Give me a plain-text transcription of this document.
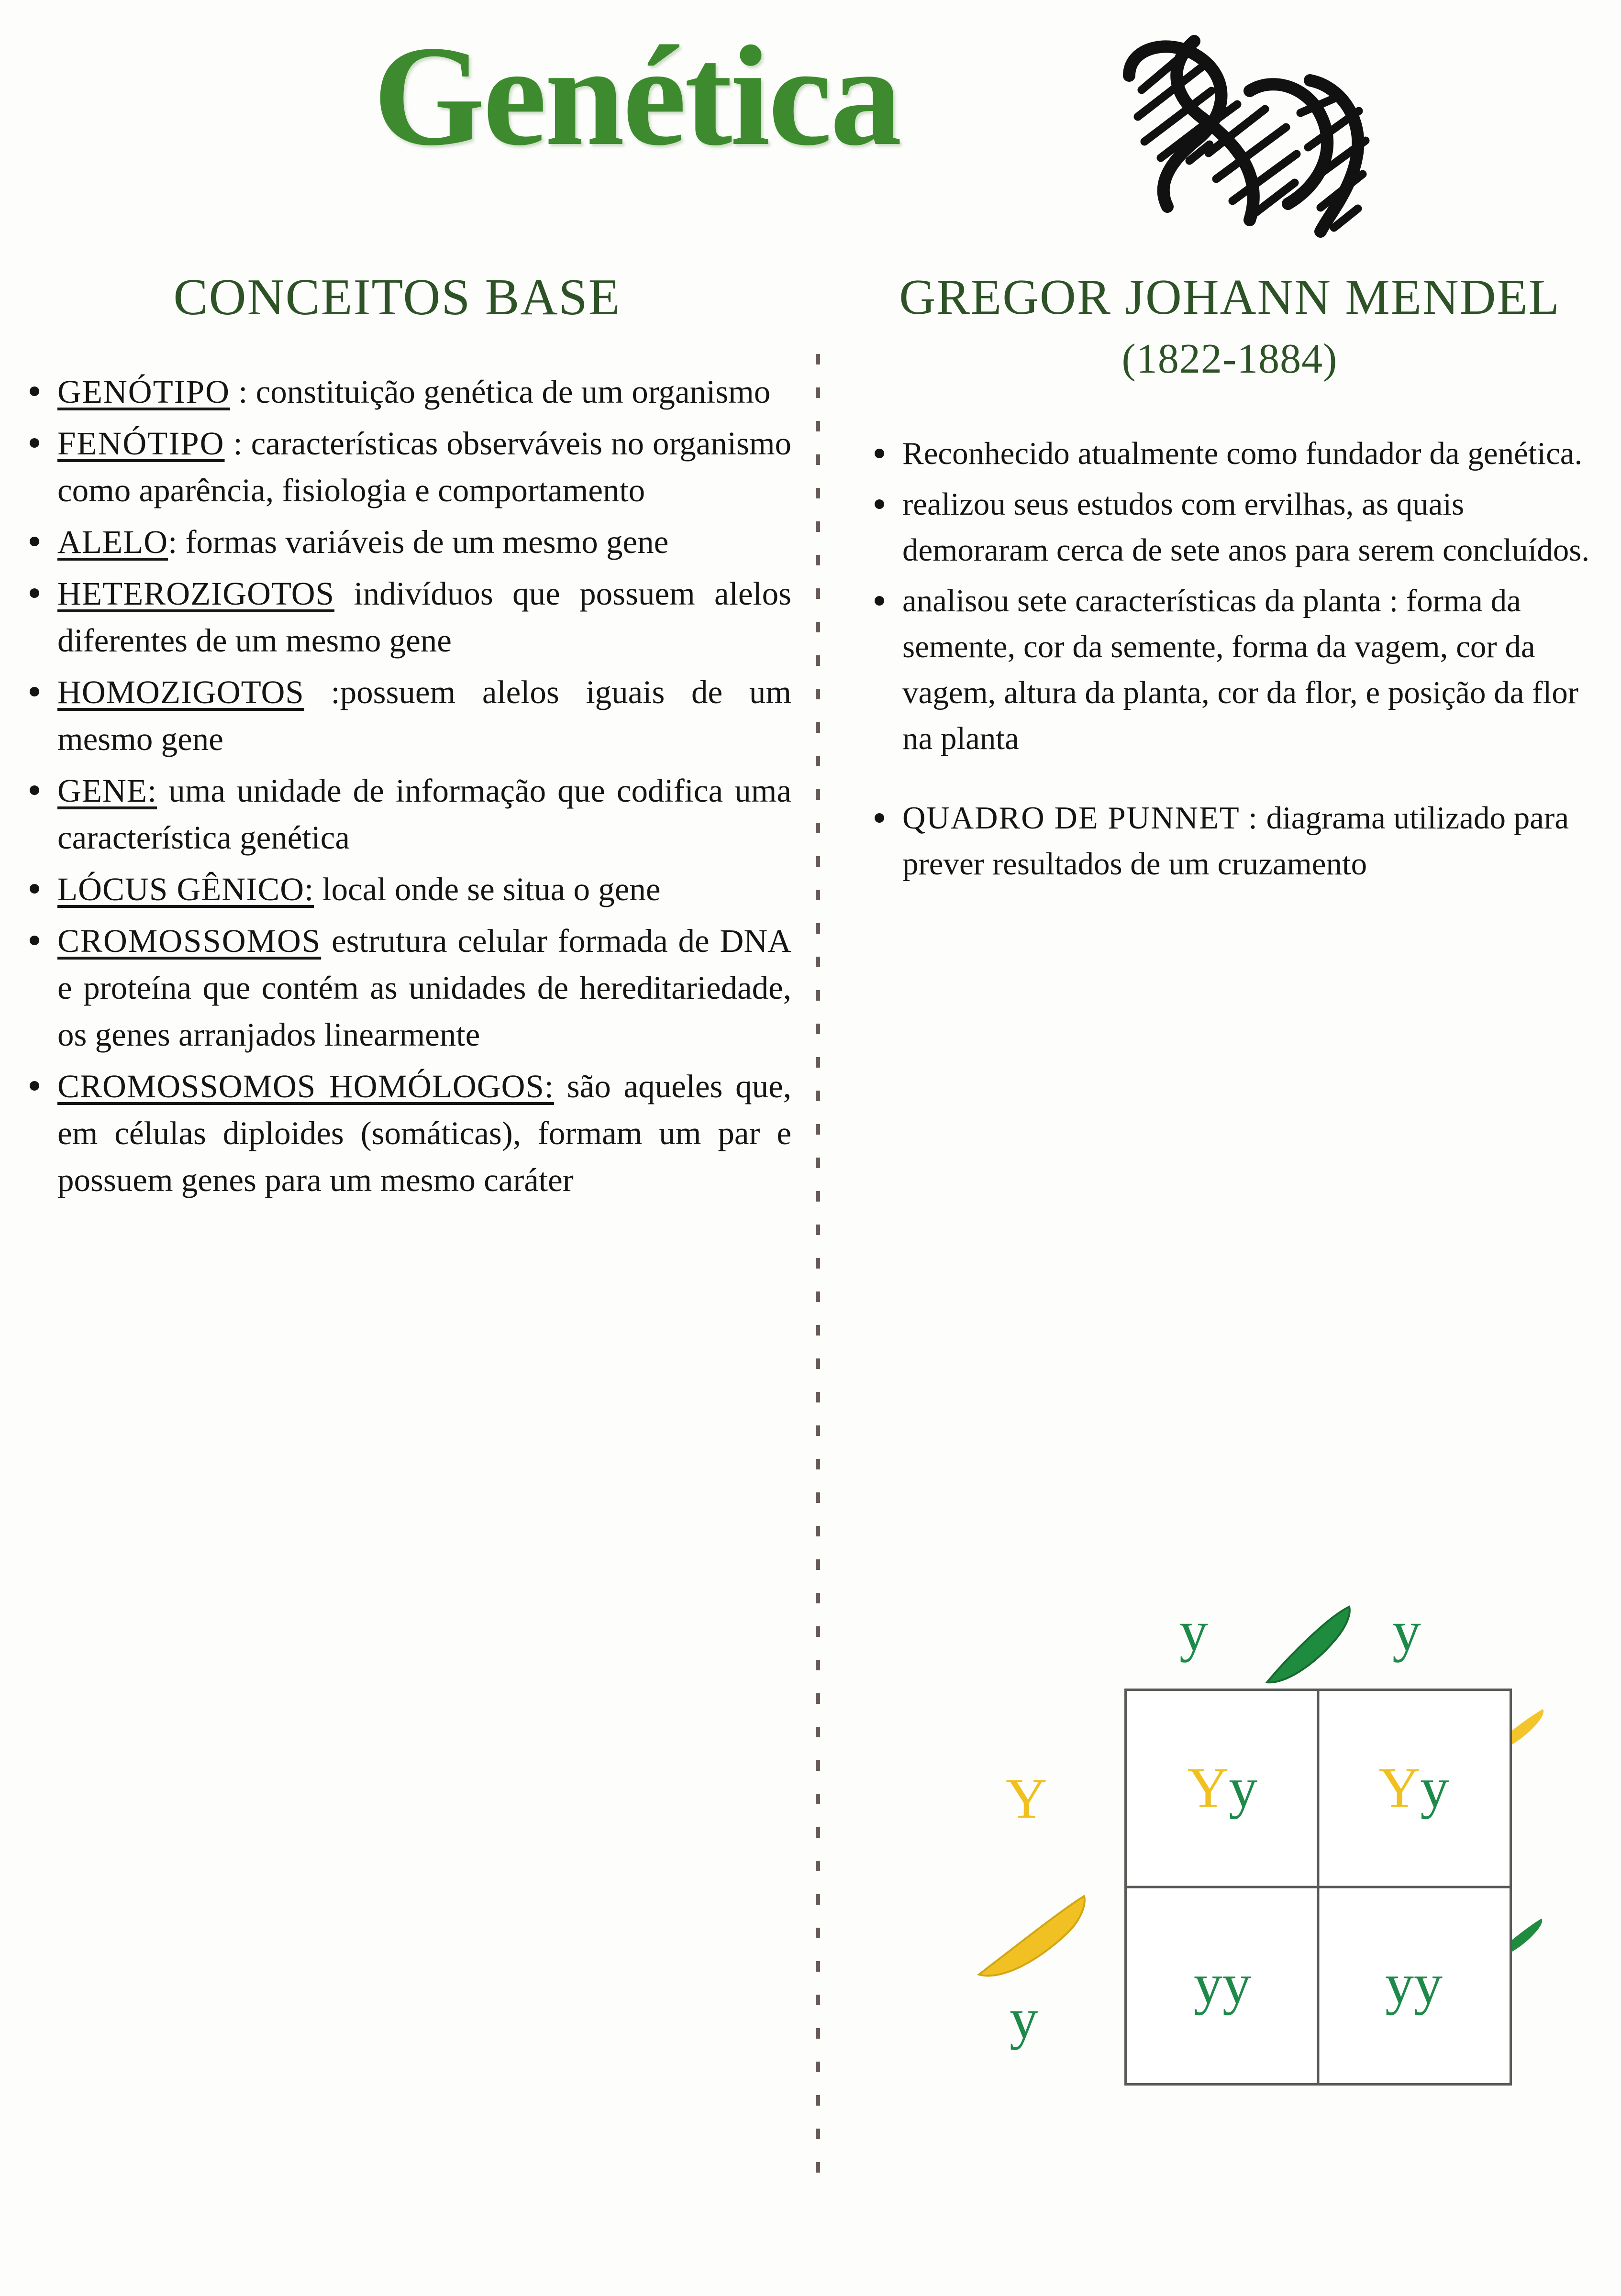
Genética
CONCEITOS BASE	GREGOR JOHANN MENDEL
(1822-1884)
GENÓTIPO : constituição genética de um organismo
FENÓTIPO : características observáveis no organismo como aparência, fisiologia e comportamento
ALELO: formas variáveis de um mesmo gene
HETEROZIGOTOS indivíduos que possuem alelos diferentes de um mesmo gene
HOMOZIGOTOS :possuem alelos iguais de um mesmo gene
GENE: uma unidade de informação que codifica uma característica genética
LÓCUS GÊNICO: local onde se situa o gene
CROMOSSOMOS estrutura celular formada de DNA e proteína que contém as unidades de hereditariedade, os genes arranjados linearmente
CROMOSSOMOS HOMÓLOGOS: são aqueles que, em células diploides (somáticas), formam um par e possuem genes para um mesmo caráter
Reconhecido atualmente como fundador da genética.
realizou seus estudos com ervilhas, as quais demoraram cerca de sete anos para serem concluídos.
analisou sete características da planta : forma da semente, cor da semente, forma da vagem, cor da vagem, altura da planta, cor da flor, e posição da flor na planta
QUADRO DE PUNNET : diagrama utilizado para prever resultados de um cruzamento
y	y
Y
y
Yy	Yy
yy	yy
